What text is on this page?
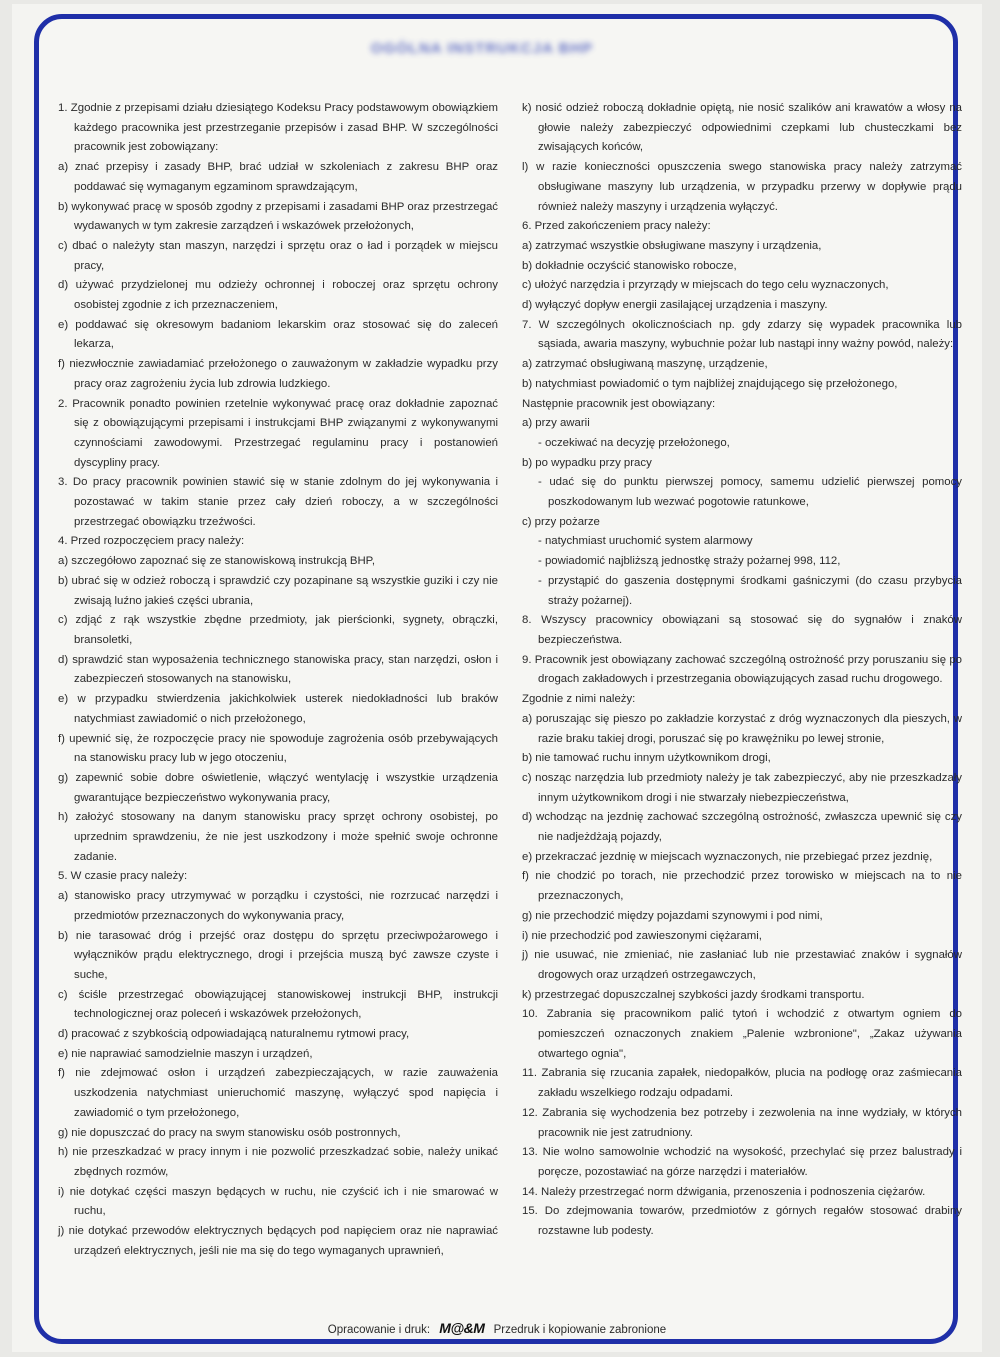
OGÓLNA INSTRUKCJA BHP

1. Zgodnie z przepisami działu dziesiątego Kodeksu Pracy podstawowym obowiązkiem każdego pracownika jest przestrzeganie przepisów i zasad BHP. W szczególności pracownik jest zobowiązany:

a) znać przepisy i zasady BHP, brać udział w szkoleniach z zakresu BHP oraz poddawać się wymaganym egzaminom sprawdzającym,

b) wykonywać pracę w sposób zgodny z przepisami i zasadami BHP oraz przestrzegać wydawanych w tym zakresie zarządzeń i wskazówek przełożonych,

c) dbać o należyty stan maszyn, narzędzi i sprzętu oraz o ład i porządek w miejscu pracy,

d) używać przydzielonej mu odzieży ochronnej i roboczej oraz sprzętu ochrony osobistej zgodnie z ich przeznaczeniem,

e) poddawać się okresowym badaniom lekarskim oraz stosować się do zaleceń lekarza,

f) niezwłocznie zawiadamiać przełożonego o zauważonym w zakładzie wypadku przy pracy oraz zagrożeniu życia lub zdrowia ludzkiego.

2. Pracownik ponadto powinien rzetelnie wykonywać pracę oraz dokładnie zapoznać się z obowiązującymi przepisami i instrukcjami BHP związanymi z wykonywanymi czynnościami zawodowymi. Przestrzegać regulaminu pracy i postanowień dyscypliny pracy.

3. Do pracy pracownik powinien stawić się w stanie zdolnym do jej wykonywania i pozostawać w takim stanie przez cały dzień roboczy, a w szczególności przestrzegać obowiązku trzeźwości.

4. Przed rozpoczęciem pracy należy:

a) szczegółowo zapoznać się ze stanowiskową instrukcją BHP,

b) ubrać się w odzież roboczą i sprawdzić czy pozapinane są wszystkie guziki i czy nie zwisają luźno jakieś części ubrania,

c) zdjąć z rąk wszystkie zbędne przedmioty, jak pierścionki, sygnety, obrączki, bransoletki,

d) sprawdzić stan wyposażenia technicznego stanowiska pracy, stan narzędzi, osłon i zabezpieczeń stosowanych na stanowisku,

e) w przypadku stwierdzenia jakichkolwiek usterek niedokładności lub braków natychmiast zawiadomić o nich przełożonego,

f) upewnić się, że rozpoczęcie pracy nie spowoduje zagrożenia osób przebywających na stanowisku pracy lub w jego otoczeniu,

g) zapewnić sobie dobre oświetlenie, włączyć wentylację i wszystkie urządzenia gwarantujące bezpieczeństwo wykonywania pracy,

h) założyć stosowany na danym stanowisku pracy sprzęt ochrony osobistej, po uprzednim sprawdzeniu, że nie jest uszkodzony i może spełnić swoje ochronne zadanie.

5. W czasie pracy należy:

a) stanowisko pracy utrzymywać w porządku i czystości, nie rozrzucać narzędzi i przedmiotów przeznaczonych do wykonywania pracy,

b) nie tarasować dróg i przejść oraz dostępu do sprzętu przeciwpożarowego i wyłączników prądu elektrycznego, drogi i przejścia muszą być zawsze czyste i suche,

c) ściśle przestrzegać obowiązującej stanowiskowej instrukcji BHP, instrukcji technologicznej oraz poleceń i wskazówek przełożonych,

d) pracować z szybkością odpowiadającą naturalnemu rytmowi pracy,

e) nie naprawiać samodzielnie maszyn i urządzeń,

f) nie zdejmować osłon i urządzeń zabezpieczających, w razie zauważenia uszkodzenia natychmiast unieruchomić maszynę, wyłączyć spod napięcia i zawiadomić o tym przełożonego,

g) nie dopuszczać do pracy na swym stanowisku osób postronnych,

h) nie przeszkadzać w pracy innym i nie pozwolić przeszkadzać sobie, należy unikać zbędnych rozmów,

i) nie dotykać części maszyn będących w ruchu, nie czyścić ich i nie smarować w ruchu,

j) nie dotykać przewodów elektrycznych będących pod napięciem oraz nie naprawiać urządzeń elektrycznych, jeśli nie ma się do tego wymaganych uprawnień,

k) nosić odzież roboczą dokładnie opiętą, nie nosić szalików ani krawatów a włosy na głowie należy zabezpieczyć odpowiednimi czepkami lub chusteczkami bez zwisających końców,

l) w razie konieczności opuszczenia swego stanowiska pracy należy zatrzymać obsługiwane maszyny lub urządzenia, w przypadku przerwy w dopływie prądu również należy maszyny i urządzenia wyłączyć.

6. Przed zakończeniem pracy należy:

a) zatrzymać wszystkie obsługiwane maszyny i urządzenia,

b) dokładnie oczyścić stanowisko robocze,

c) ułożyć narzędzia i przyrządy w miejscach do tego celu wyznaczonych,

d) wyłączyć dopływ energii zasilającej urządzenia i maszyny.

7. W szczególnych okolicznościach np. gdy zdarzy się wypadek pracownika lub sąsiada, awaria maszyny, wybuchnie pożar lub nastąpi inny ważny powód, należy:

a) zatrzymać obsługiwaną maszynę, urządzenie,

b) natychmiast powiadomić o tym najbliżej znajdującego się przełożonego,

Następnie pracownik jest obowiązany:

a) przy awarii

- oczekiwać na decyzję przełożonego,

b) po wypadku przy pracy

- udać się do punktu pierwszej pomocy, samemu udzielić pierwszej pomocy poszkodowanym lub wezwać pogotowie ratunkowe,

c) przy pożarze

- natychmiast uruchomić system alarmowy

- powiadomić najbliższą jednostkę straży pożarnej 998, 112,

- przystąpić do gaszenia dostępnymi środkami gaśniczymi (do czasu przybycia straży pożarnej).

8. Wszyscy pracownicy obowiązani są stosować się do sygnałów i znaków bezpieczeństwa.

9. Pracownik jest obowiązany zachować szczególną ostrożność przy poruszaniu się po drogach zakładowych i przestrzegania obowiązujących zasad ruchu drogowego.

Zgodnie z nimi należy:

a) poruszając się pieszo po zakładzie korzystać z dróg wyznaczonych dla pieszych, w razie braku takiej drogi, poruszać się po krawężniku po lewej stronie,

b) nie tamować ruchu innym użytkownikom drogi,

c) nosząc narzędzia lub przedmioty należy je tak zabezpieczyć, aby nie przeszkadzały innym użytkownikom drogi i nie stwarzały niebezpieczeństwa,

d) wchodząc na jezdnię zachować szczególną ostrożność, zwłaszcza upewnić się czy nie nadjeżdżają pojazdy,

e) przekraczać jezdnię w miejscach wyznaczonych, nie przebiegać przez jezdnię,

f) nie chodzić po torach, nie przechodzić przez torowisko w miejscach na to nie przeznaczonych,

g) nie przechodzić między pojazdami szynowymi i pod nimi,

i) nie przechodzić pod zawieszonymi ciężarami,

j) nie usuwać, nie zmieniać, nie zasłaniać lub nie przestawiać znaków i sygnałów drogowych oraz urządzeń ostrzegawczych,

k) przestrzegać dopuszczalnej szybkości jazdy środkami transportu.

10. Zabrania się pracownikom palić tytoń i wchodzić z otwartym ogniem do pomieszczeń oznaczonych znakiem „Palenie wzbronione", „Zakaz używania otwartego ognia",

11. Zabrania się rzucania zapałek, niedopałków, plucia na podłogę oraz zaśmiecania zakładu wszelkiego rodzaju odpadami.

12. Zabrania się wychodzenia bez potrzeby i zezwolenia na inne wydziały, w których pracownik nie jest zatrudniony.

13. Nie wolno samowolnie wchodzić na wysokość, przechylać się przez balustrady i poręcze, pozostawiać na górze narzędzi i materiałów.

14. Należy przestrzegać norm dźwigania, przenoszenia i podnoszenia ciężarów.

15. Do zdejmowania towarów, przedmiotów z górnych regałów stosować drabiny rozstawne lub podesty.

Opracowanie i druk: M@&M Przedruk i kopiowanie zabronione
